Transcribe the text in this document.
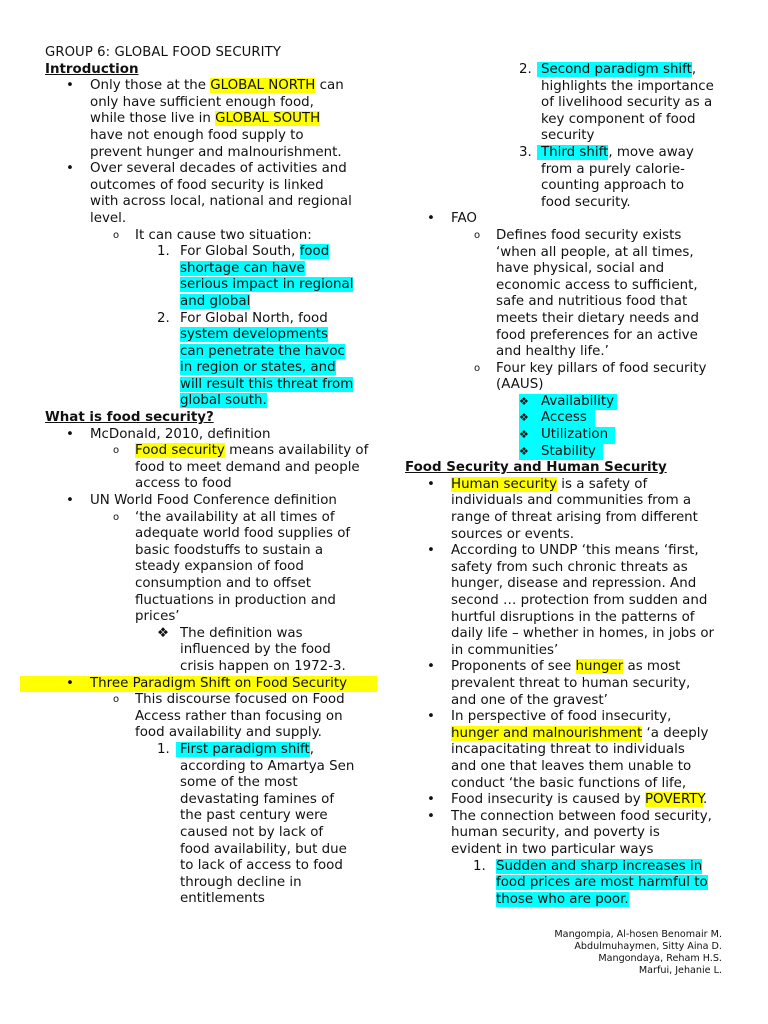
GROUP 6: GLOBAL FOOD SECURITY
Introduction
• Only those at the GLOBAL NORTH can
only have sufficient enough food,
while those live in GLOBAL SOUTH
have not enough food supply to
prevent hunger and malnourishment.
• Over several decades of activities and
outcomes of food security is linked
with across local, national and regional
level.
o It can cause two situation:
1. For Global South, food
shortage can have
serious impact in regional
and global
2. For Global North, food
system developments
can penetrate the havoc
in region or states, and
will result this threat from
global south.
What is food security?
• McDonald, 2010, definition
o Food security means availability of
food to meet demand and people
access to food
• UN World Food Conference definition
o ‘the availability at all times of
adequate world food supplies of
basic foodstuffs to sustain a
steady expansion of food
consumption and to offset
fluctuations in production and
prices’
❖ The definition was
influenced by the food
crisis happen on 1972-3.
• Three Paradigm Shift on Food Security
o This discourse focused on Food
Access rather than focusing on
food availability and supply.
1. First paradigm shift,
according to Amartya Sen
some of the most
devastating famines of
the past century were
caused not by lack of
food availability, but due
to lack of access to food
through decline in
entitlements
2. Second paradigm shift,
highlights the importance
of livelihood security as a
key component of food
security
3. Third shift, move away
from a purely calorie-
counting approach to
food security.
• FAO
o Defines food security exists
‘when all people, at all times,
have physical, social and
economic access to sufficient,
safe and nutritious food that
meets their dietary needs and
food preferences for an active
and healthy life.’
o Four key pillars of food security
(AAUS)

❖ Availability

❖ Access

❖ Utilization

❖ Stability
Food Security and Human Security
• Human security is a safety of
individuals and communities from a
range of threat arising from different
sources or events.
• According to UNDP ‘this means ‘first,
safety from such chronic threats as
hunger, disease and repression. And
second … protection from sudden and
hurtful disruptions in the patterns of
daily life – whether in homes, in jobs or
in communities’
• Proponents of see hunger as most
prevalent threat to human security,
and one of the gravest’
• In perspective of food insecurity,
hunger and malnourishment ‘a deeply
incapacitating threat to individuals
and one that leaves them unable to
conduct ‘the basic functions of life,
• Food insecurity is caused by POVERTY.
• The connection between food security,
human security, and poverty is
evident in two particular ways
1. Sudden and sharp increases in
food prices are most harmful to
those who are poor.
Mangompia, Al-hosen Benomair M.
Abdulmuhaymen, Sitty Aina D.
Mangondaya, Reham H.S.
Marfui, Jehanie L.
